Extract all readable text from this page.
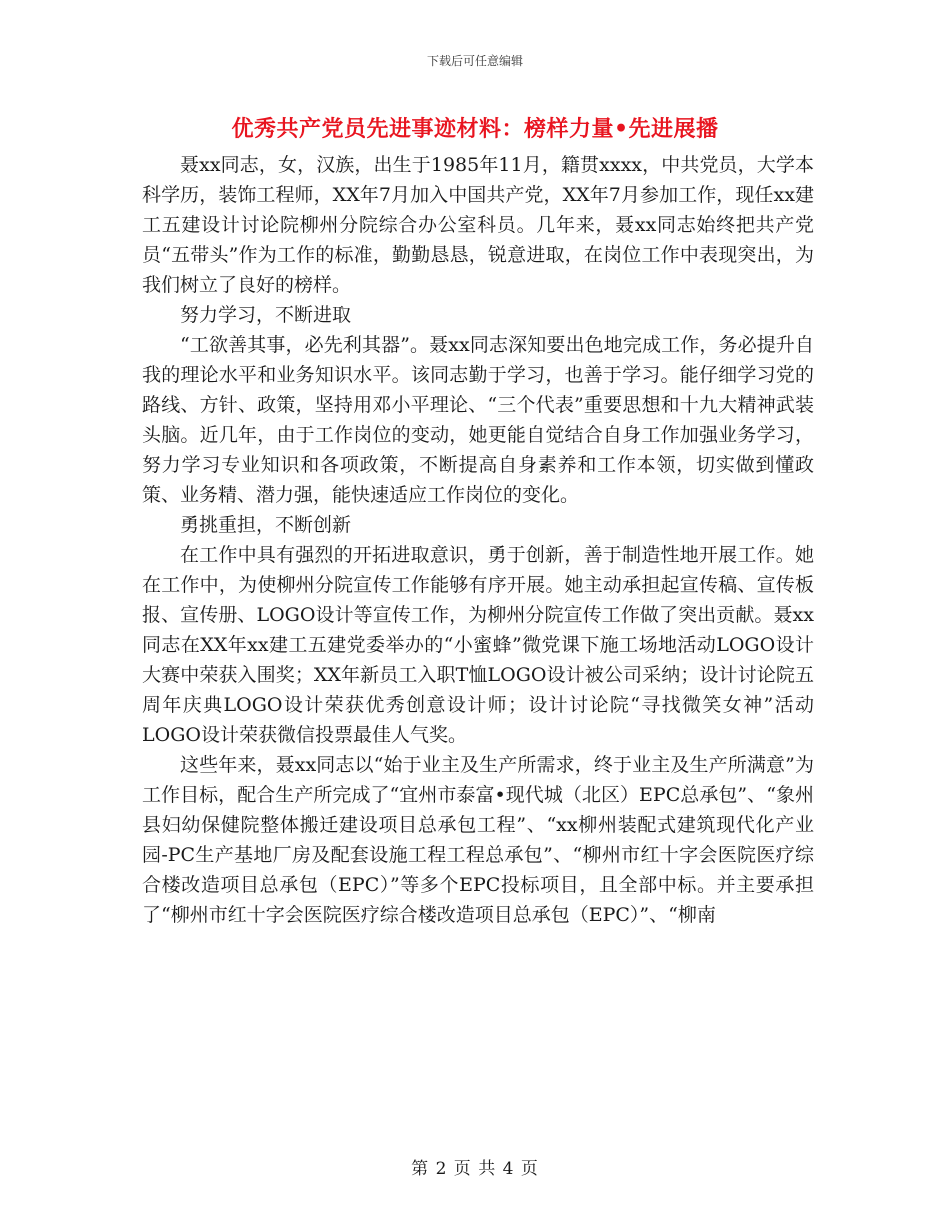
下载后可任意编辑
优秀共产党员先进事迹材料：榜样力量•先进展播

聂xx同志，女，汉族，出生于1985年11月，籍贯xxxx，中共党员，大学本科学历，装饰工程师，XX年7月加入中国共产党，XX年7月参加工作，现任xx建工五建设计讨论院柳州分院综合办公室科员。几年来，聂xx同志始终把共产党员“五带头”作为工作的标准，勤勤恳恳，锐意进取，在岗位工作中表现突出，为我们树立了良好的榜样。

努力学习，不断进取

“工欲善其事，必先利其器”。聂xx同志深知要出色地完成工作，务必提升自我的理论水平和业务知识水平。该同志勤于学习，也善于学习。能仔细学习党的路线、方针、政策，坚持用邓小平理论、“三个代表”重要思想和十九大精神武装头脑。近几年，由于工作岗位的变动，她更能自觉结合自身工作加强业务学习，努力学习专业知识和各项政策，不断提高自身素养和工作本领，切实做到懂政策、业务精、潜力强，能快速适应工作岗位的变化。

勇挑重担，不断创新

在工作中具有强烈的开拓进取意识，勇于创新，善于制造性地开展工作。她在工作中，为使柳州分院宣传工作能够有序开展。她主动承担起宣传稿、宣传板报、宣传册、LOGO设计等宣传工作，为柳州分院宣传工作做了突出贡献。聂xx同志在XX年xx建工五建党委举办的“小蜜蜂”微党课下施工场地活动LOGO设计大赛中荣获入围奖；XX年新员工入职T恤LOGO设计被公司采纳；设计讨论院五周年庆典LOGO设计荣获优秀创意设计师；设计讨论院“寻找微笑女神”活动LOGO设计荣获微信投票最佳人气奖。

这些年来，聂xx同志以“始于业主及生产所需求，终于业主及生产所满意”为工作目标，配合生产所完成了“宜州市泰富•现代城（北区）EPC总承包”、“象州县妇幼保健院整体搬迁建设项目总承包工程”、“xx柳州装配式建筑现代化产业园-PC生产基地厂房及配套设施工程工程总承包”、“柳州市红十字会医院医疗综合楼改造项目总承包（EPC）”等多个EPC投标项目，且全部中标。并主要承担了“柳州市红十字会医院医疗综合楼改造项目总承包（EPC）”、“柳南

第 2 页 共 4 页
